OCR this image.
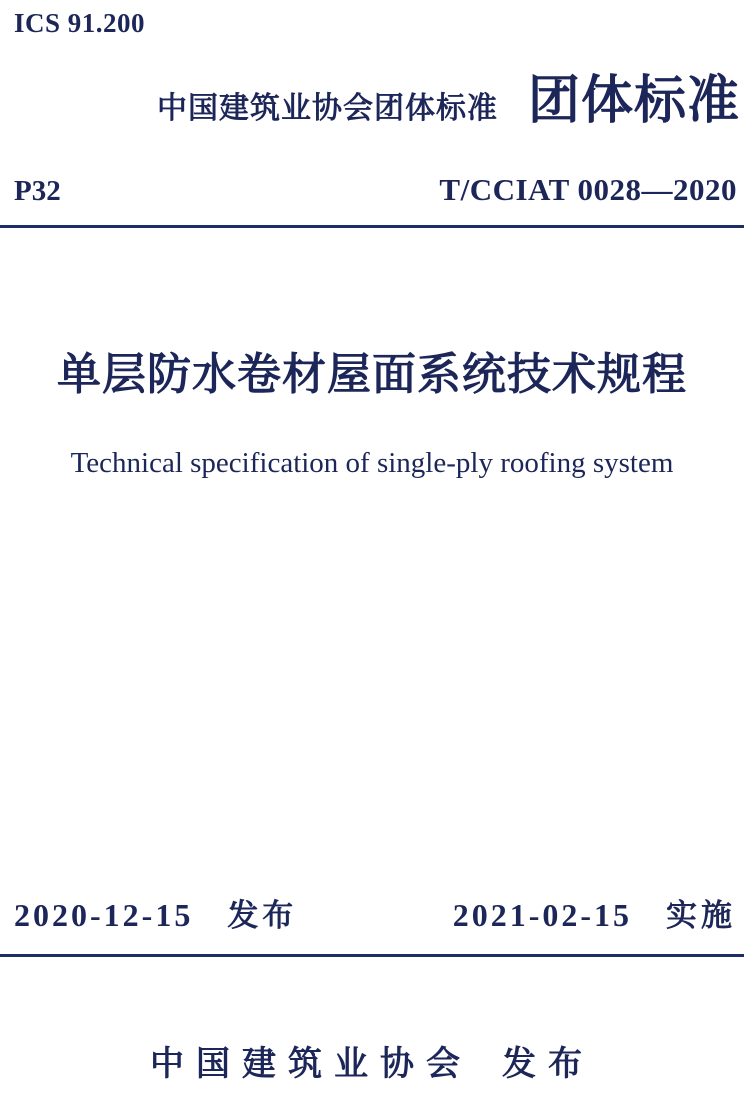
ICS 91.200
中国建筑业协会团体标准 团体标准
P32	T/CCIAT 0028—2020
单层防水卷材屋面系统技术规程
Technical specification of single-ply roofing system
2020-12-15 发布	2021-02-15 实施
中国建筑业协会 发布
